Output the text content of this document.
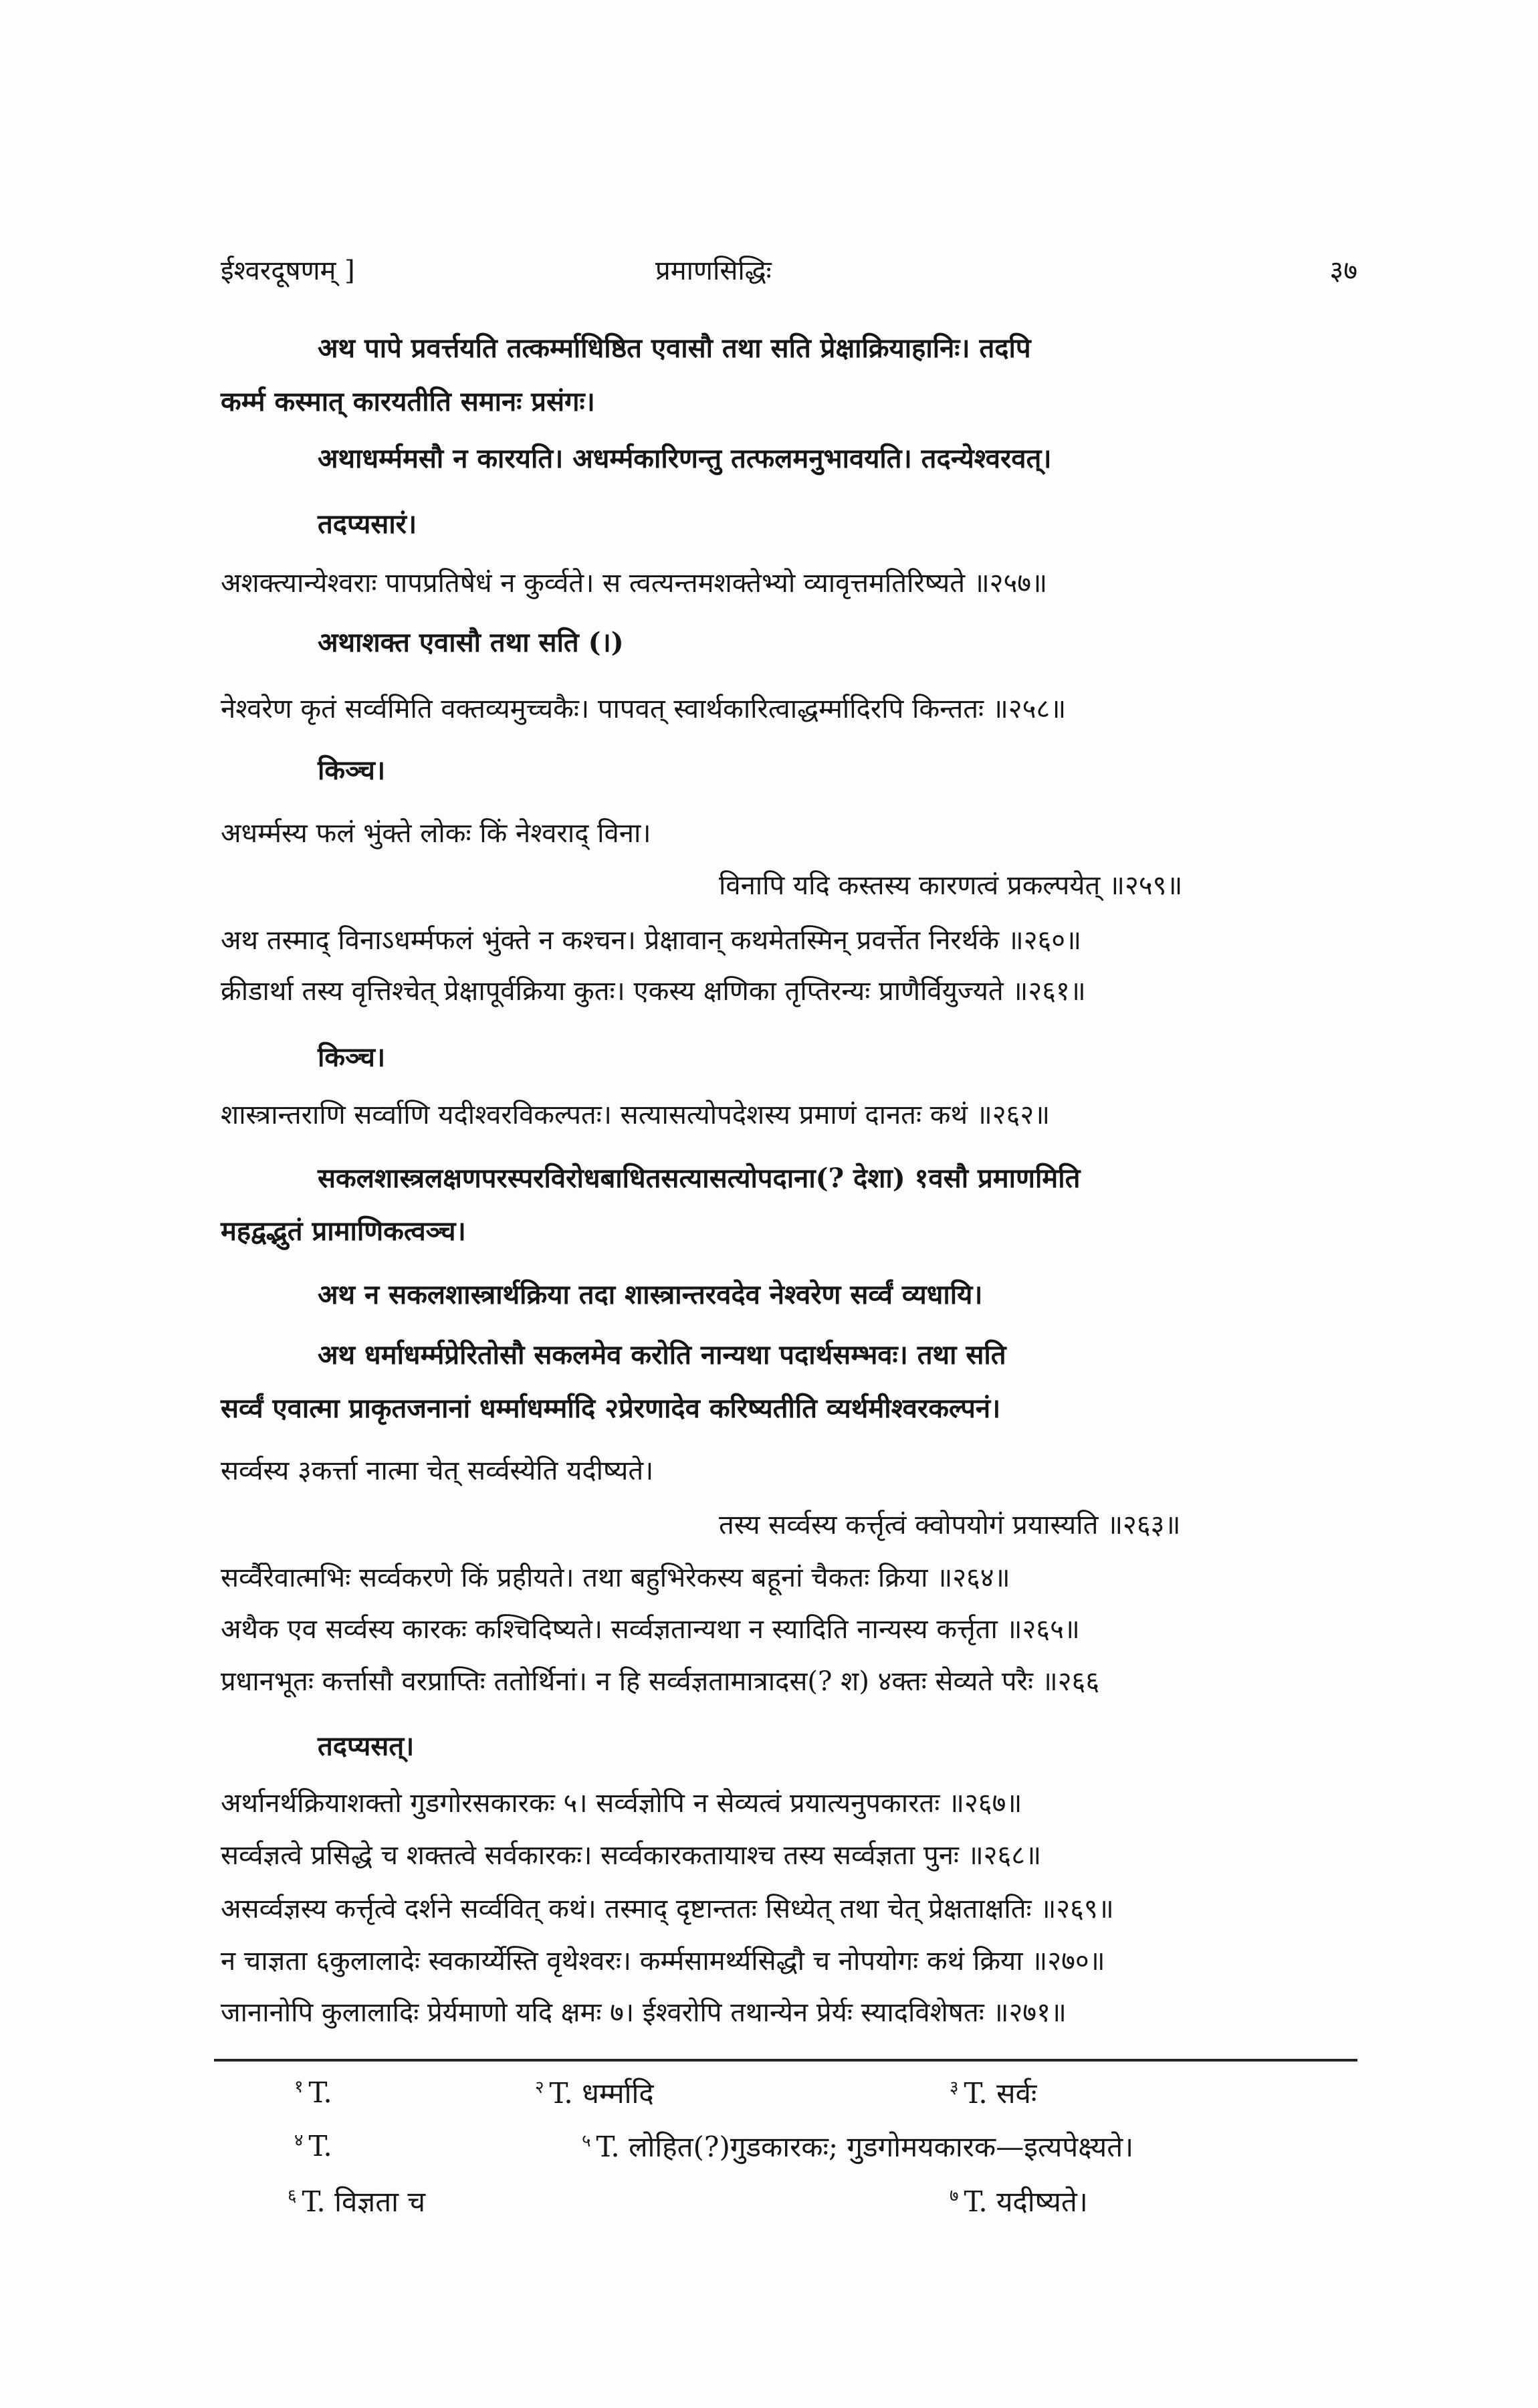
ईश्वरदूषणम् ]	प्रमाणसिद्धिः	३७
अथ पापे प्रवर्त्तयति तत्कर्म्माधिष्ठित एवासौ तथा सति प्रेक्षाक्रियाहानिः। तदपि
कर्म्म कस्मात् कारयतीति समानः प्रसंगः।
अथाधर्म्ममसौ न कारयति। अधर्म्मकारिणन्तु तत्फलमनुभावयति। तदन्येश्वरवत्।
तदप्यसारं।
अशक्त्यान्येश्वराः पापप्रतिषेधं न कुर्व्वते। स त्वत्यन्तमशक्तेभ्यो व्यावृत्तमतिरिष्यते ॥२५७॥
अथाशक्त एवासौ तथा सति (।)
नेश्वरेण कृतं सर्व्वमिति वक्तव्यमुच्चकैः। पापवत् स्वार्थकारित्वाद्धर्म्मादिरपि किन्ततः ॥२५८॥
किञ्च।
अधर्म्मस्य फलं भुंक्ते लोकः किं नेश्वराद् विना।
विनापि यदि कस्तस्य कारणत्वं प्रकल्पयेत् ॥२५९॥
अथ तस्माद् विनाऽधर्म्मफलं भुंक्ते न कश्चन। प्रेक्षावान् कथमेतस्मिन् प्रवर्त्तेत निरर्थके ॥२६०॥
क्रीडार्था तस्य वृत्तिश्चेत् प्रेक्षापूर्वक्रिया कुतः। एकस्य क्षणिका तृप्तिरन्यः प्राणैर्वियुज्यते ॥२६१॥
किञ्च।
शास्त्रान्तराणि सर्व्वाणि यदीश्वरविकल्पतः। सत्यासत्योपदेशस्य प्रमाणं दानतः कथं ॥२६२॥
सकलशास्त्रलक्षणपरस्परविरोधबाधितसत्यासत्योपदाना(? देशा) १वसौ प्रमाणमिति
महद्वद्भुतं प्रामाणिकत्वञ्च।
अथ न सकलशास्त्रार्थक्रिया तदा शास्त्रान्तरवदेव नेश्वरेण सर्व्वं व्यधायि।
अथ धर्माधर्म्मप्रेरितोसौ सकलमेव करोति नान्यथा पदार्थसम्भवः। तथा सति
सर्व्वं एवात्मा प्राकृतजनानां धर्म्माधर्म्मादि २प्रेरणादेव करिष्यतीति व्यर्थमीश्वरकल्पनं।
सर्व्वस्य ३कर्त्ता नात्मा चेत् सर्व्वस्येति यदीष्यते।
तस्य सर्व्वस्य कर्त्तृत्वं क्वोपयोगं प्रयास्यति ॥२६३॥
सर्व्वैरेवात्मभिः सर्व्वकरणे किं प्रहीयते। तथा बहुभिरेकस्य बहूनां चैकतः क्रिया ॥२६४॥
अथैक एव सर्व्वस्य कारकः कश्चिदिष्यते। सर्व्वज्ञतान्यथा न स्यादिति नान्यस्य कर्त्तृता ॥२६५॥
प्रधानभूतः कर्त्तासौ वरप्राप्तिः ततोर्थिनां। न हि सर्व्वज्ञतामात्रादस(? श) ४क्तः सेव्यते परैः ॥२६६
तदप्यसत्।
अर्थानर्थक्रियाशक्तो गुडगोरसकारकः ५। सर्व्वज्ञोपि न सेव्यत्वं प्रयात्यनुपकारतः ॥२६७॥
सर्व्वज्ञत्वे प्रसिद्धे च शक्तत्वे सर्वकारकः। सर्व्वकारकतायाश्च तस्य सर्व्वज्ञता पुनः ॥२६८॥
असर्व्वज्ञस्य कर्त्तृत्वे दर्शने सर्व्ववित् कथं। तस्माद् दृष्टान्ततः सिध्येत् तथा चेत् प्रेक्षताक्षतिः ॥२६९॥
न चाज्ञता ६कुलालादेः स्वकार्य्येस्ति वृथेश्वरः। कर्म्मसामर्थ्यसिद्धौ च नोपयोगः कथं क्रिया ॥२७०॥
जानानोपि कुलालादिः प्रेर्यमाणो यदि क्षमः ७। ईश्वरोपि तथान्येन प्रेर्यः स्यादविशेषतः ॥२७१॥
$^१$ T.	$^२$ T. धर्म्मादि	$^३$ T. सर्वः
$^४$ T.	$^५$ T. लोहित(?)गुडकारकः; गुडगोमयकारक—इत्यपेक्ष्यते।
$^६$ T. विज्ञता च	$^७$ T. यदीष्यते।
